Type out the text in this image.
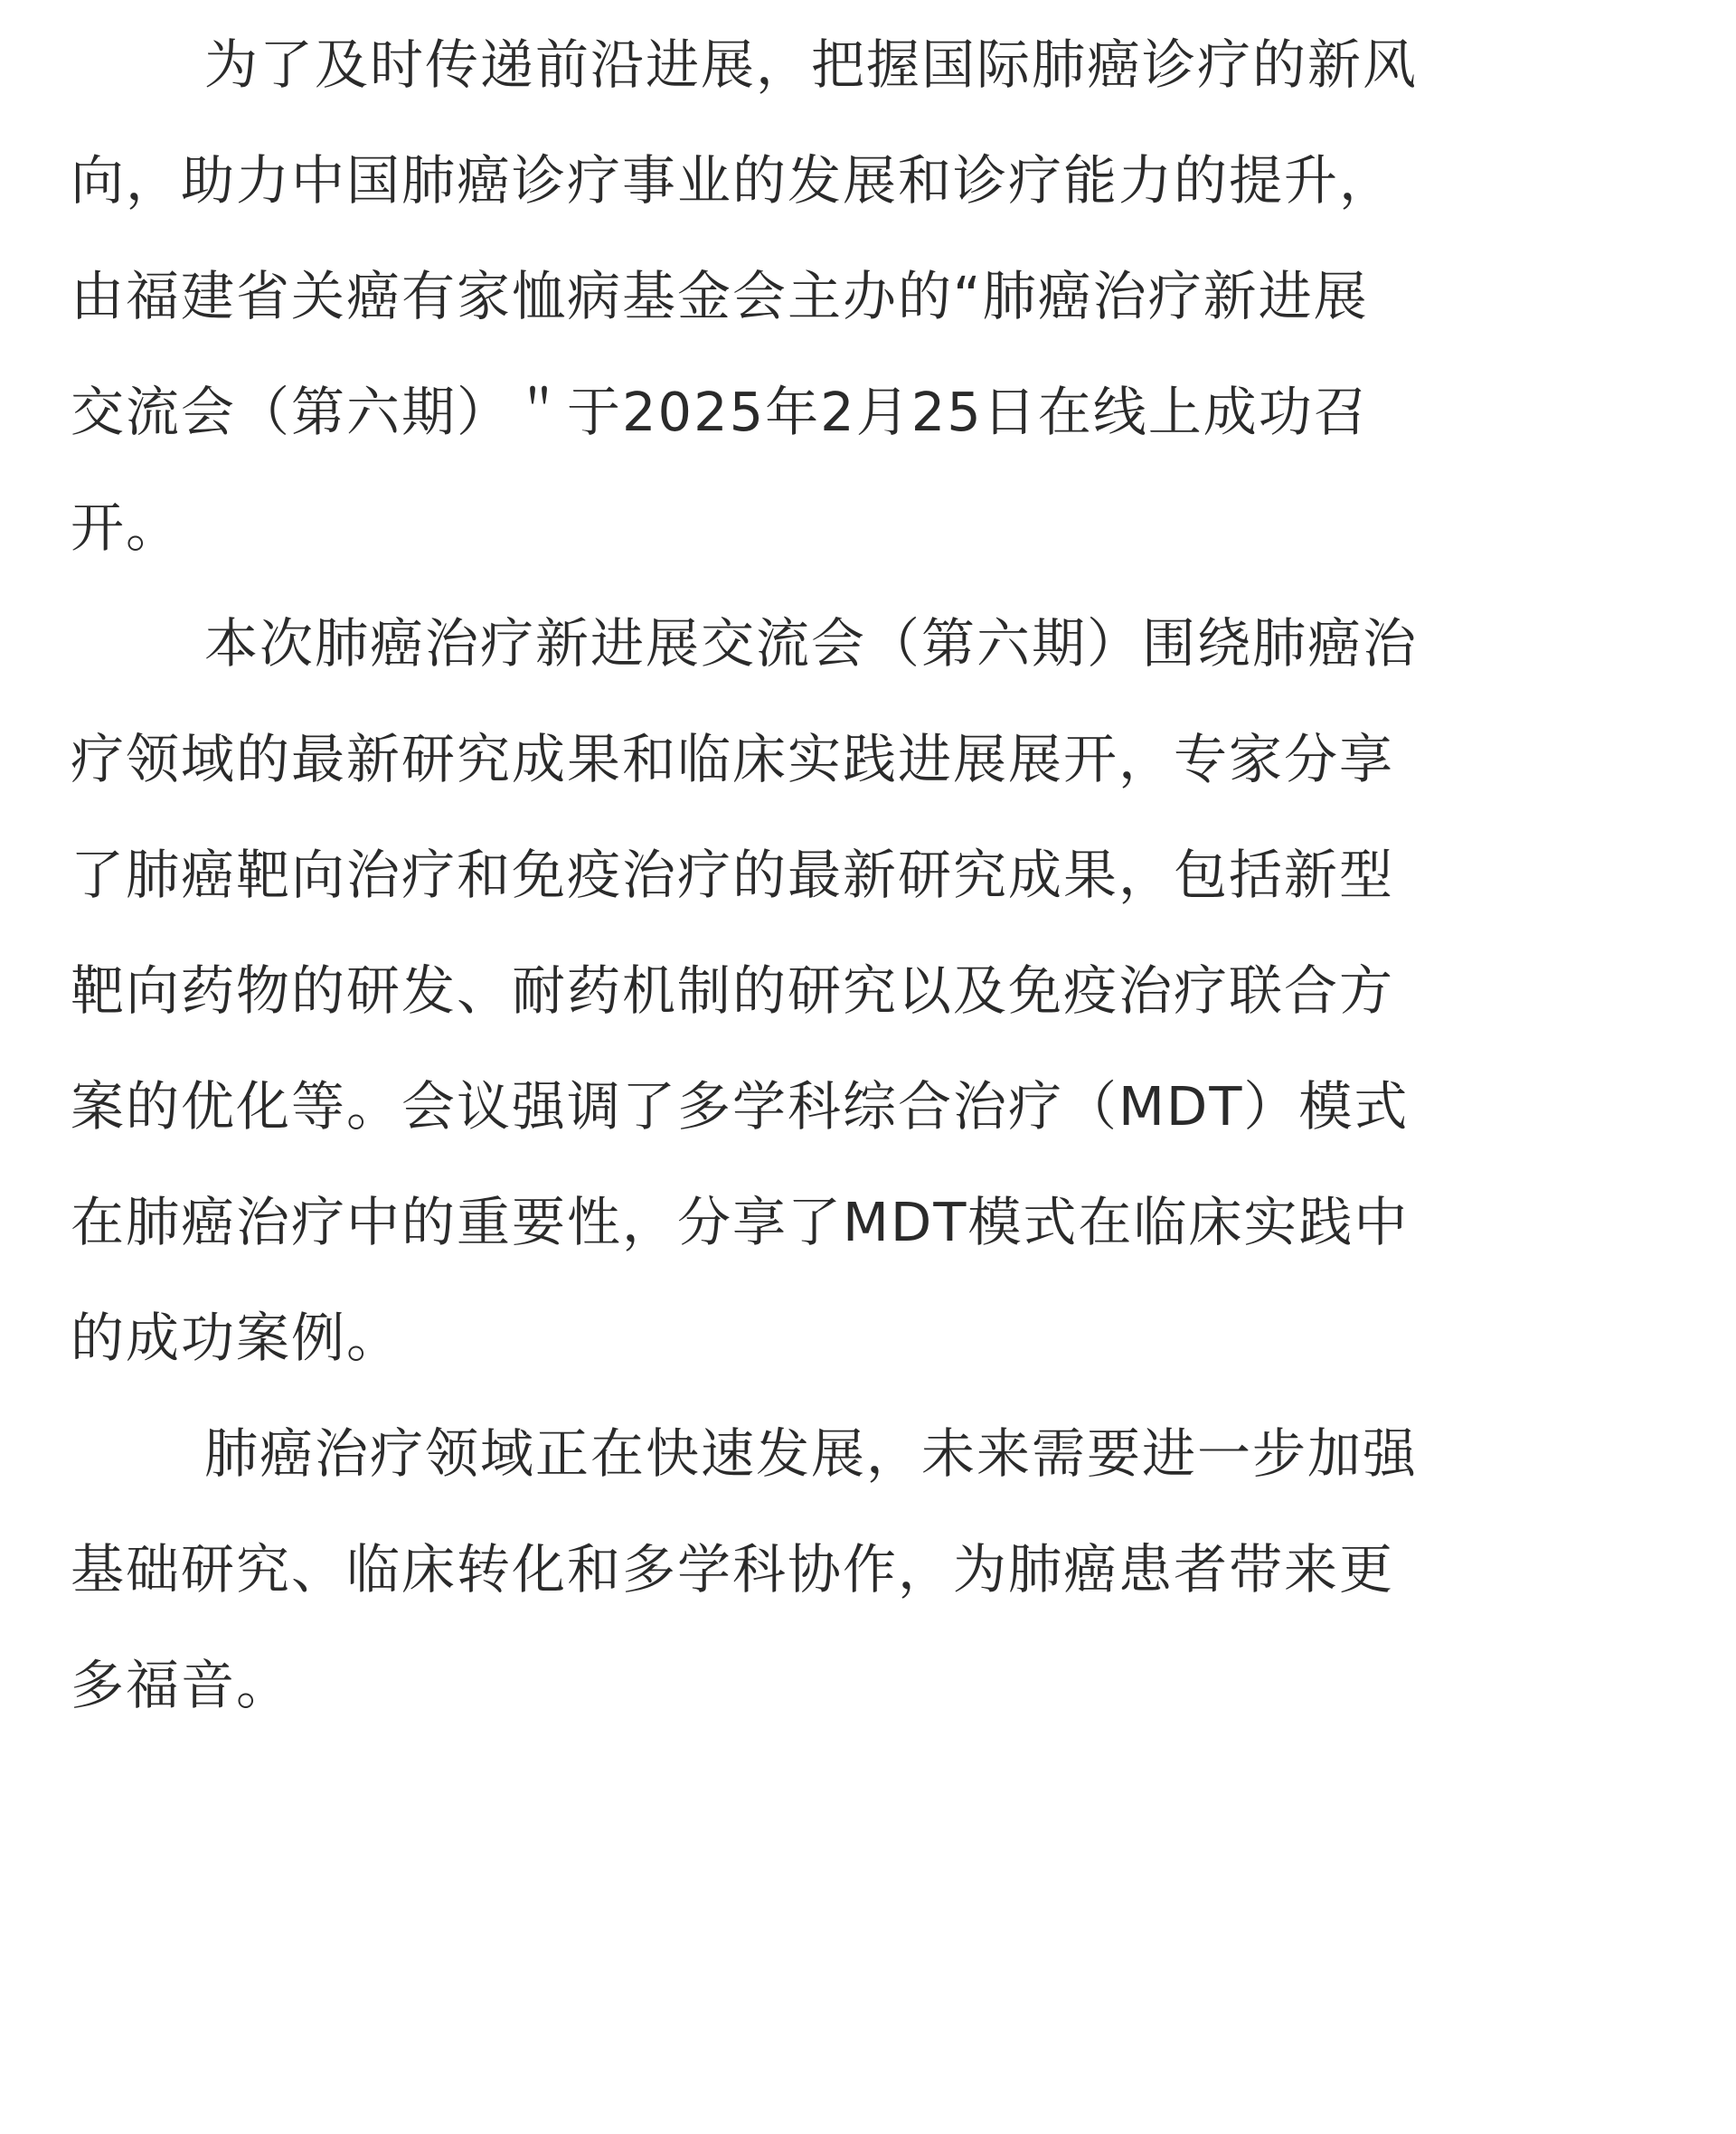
为了及时传递前沿进展，把握国际肺癌诊疗的新风
向，助力中国肺癌诊疗事业的发展和诊疗能力的提升，
由福建省关癌有家恤病基金会主办的“肺癌治疗新进展
交流会（第六期）＂于2025年2月25日在线上成功召
开。
本次肺癌治疗新进展交流会（第六期）围绕肺癌治
疗领域的最新研究成果和临床实践进展展开，专家分享
了肺癌靶向治疗和免疫治疗的最新研究成果，包括新型
靶向药物的研发、耐药机制的研究以及免疫治疗联合方
案的优化等。会议强调了多学科综合治疗（MDT）模式
在肺癌治疗中的重要性，分享了MDT模式在临床实践中
的成功案例。
肺癌治疗领域正在快速发展，未来需要进一步加强
基础研究、临床转化和多学科协作，为肺癌患者带来更
多福音。
